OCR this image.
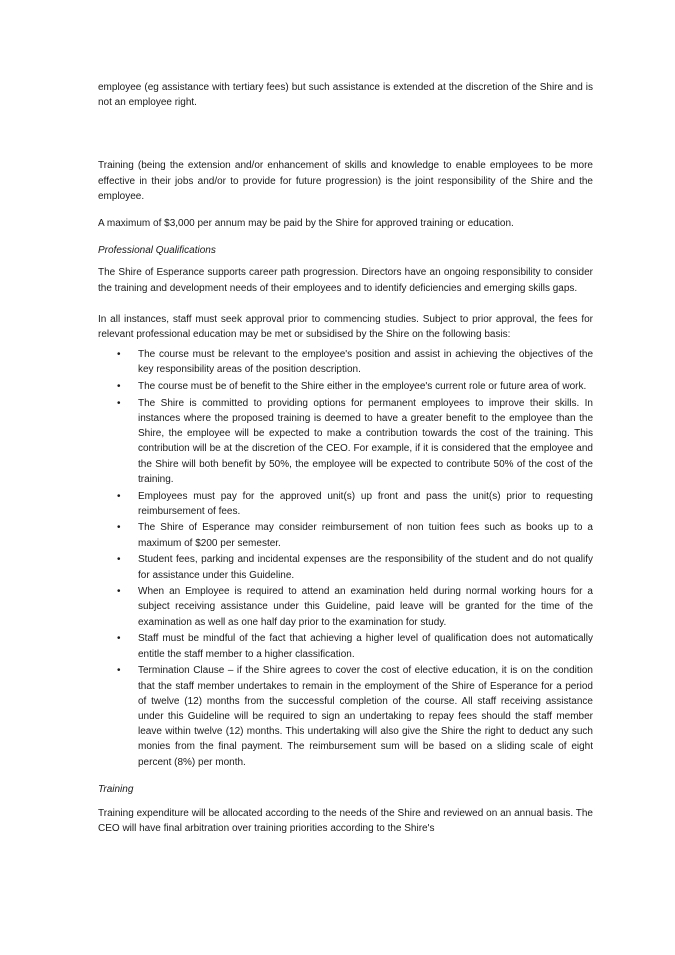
employee (eg assistance with tertiary fees) but such assistance is extended at the discretion of the Shire and is not an employee right.

Training (being the extension and/or enhancement of skills and knowledge to enable employees to be more effective in their jobs and/or to provide for future progression) is the joint responsibility of the Shire and the employee.

A maximum of $3,000 per annum may be paid by the Shire for approved training or education.

Professional Qualifications

The Shire of Esperance supports career path progression. Directors have an ongoing responsibility to consider the training and development needs of their employees and to identify deficiencies and emerging skills gaps.

In all instances, staff must seek approval prior to commencing studies. Subject to prior approval, the fees for relevant professional education may be met or subsidised by the Shire on the following basis:

• The course must be relevant to the employee's position and assist in achieving the objectives of the key responsibility areas of the position description.
• The course must be of benefit to the Shire either in the employee's current role or future area of work.
• The Shire is committed to providing options for permanent employees to improve their skills. In instances where the proposed training is deemed to have a greater benefit to the employee than the Shire, the employee will be expected to make a contribution towards the cost of the training. This contribution will be at the discretion of the CEO. For example, if it is considered that the employee and the Shire will both benefit by 50%, the employee will be expected to contribute 50% of the cost of the training.
• Employees must pay for the approved unit(s) up front and pass the unit(s) prior to requesting reimbursement of fees.
• The Shire of Esperance may consider reimbursement of non tuition fees such as books up to a maximum of $200 per semester.
• Student fees, parking and incidental expenses are the responsibility of the student and do not qualify for assistance under this Guideline.
• When an Employee is required to attend an examination held during normal working hours for a subject receiving assistance under this Guideline, paid leave will be granted for the time of the examination as well as one half day prior to the examination for study.
• Staff must be mindful of the fact that achieving a higher level of qualification does not automatically entitle the staff member to a higher classification.
• Termination Clause – if the Shire agrees to cover the cost of elective education, it is on the condition that the staff member undertakes to remain in the employment of the Shire of Esperance for a period of twelve (12) months from the successful completion of the course. All staff receiving assistance under this Guideline will be required to sign an undertaking to repay fees should the staff member leave within twelve (12) months. This undertaking will also give the Shire the right to deduct any such monies from the final payment. The reimbursement sum will be based on a sliding scale of eight percent (8%) per month.

Training

Training expenditure will be allocated according to the needs of the Shire and reviewed on an annual basis. The CEO will have final arbitration over training priorities according to the Shire's
